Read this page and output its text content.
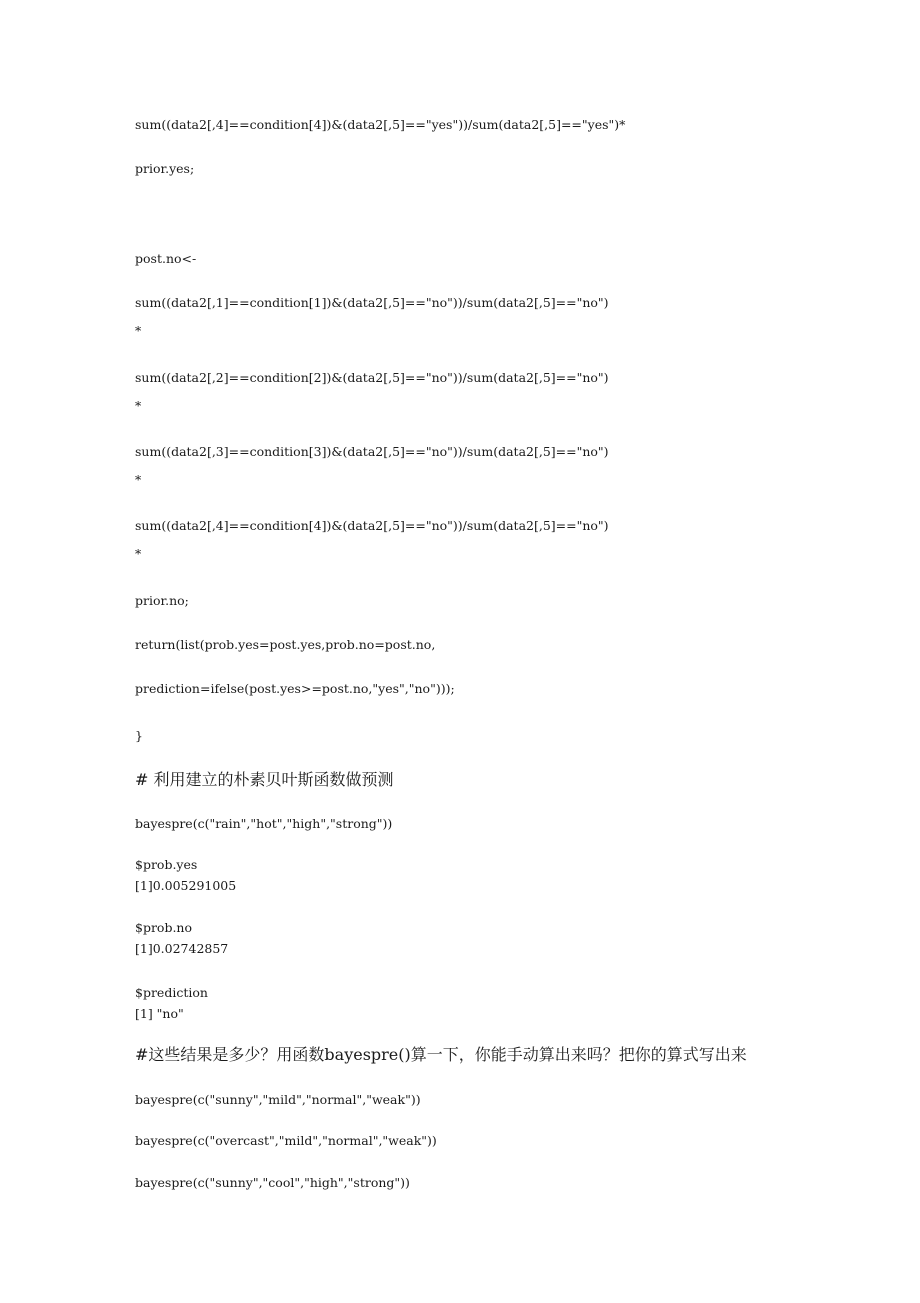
sum((data2[,4]==condition[4])&(data2[,5]=="yes"))/sum(data2[,5]=="yes")*
prior.yes;
post.no<-
sum((data2[,1]==condition[1])&(data2[,5]=="no"))/sum(data2[,5]=="no")
*
sum((data2[,2]==condition[2])&(data2[,5]=="no"))/sum(data2[,5]=="no")
*
sum((data2[,3]==condition[3])&(data2[,5]=="no"))/sum(data2[,5]=="no")
*
sum((data2[,4]==condition[4])&(data2[,5]=="no"))/sum(data2[,5]=="no")
*
prior.no;
return(list(prob.yes=post.yes,prob.no=post.no,
prediction=ifelse(post.yes>=post.no,"yes","no")));
}
# 利用建立的朴素贝叶斯函数做预测
bayespre(c("rain","hot","high","strong"))
$prob.yes
[1]0.005291005
$prob.no
[1]0.02742857
$prediction
[1] "no"
#这些结果是多少？用函数bayespre()算一下，你能手动算出来吗？把你的算式写出来
bayespre(c("sunny","mild","normal","weak"))
bayespre(c("overcast","mild","normal","weak"))
bayespre(c("sunny","cool","high","strong"))
